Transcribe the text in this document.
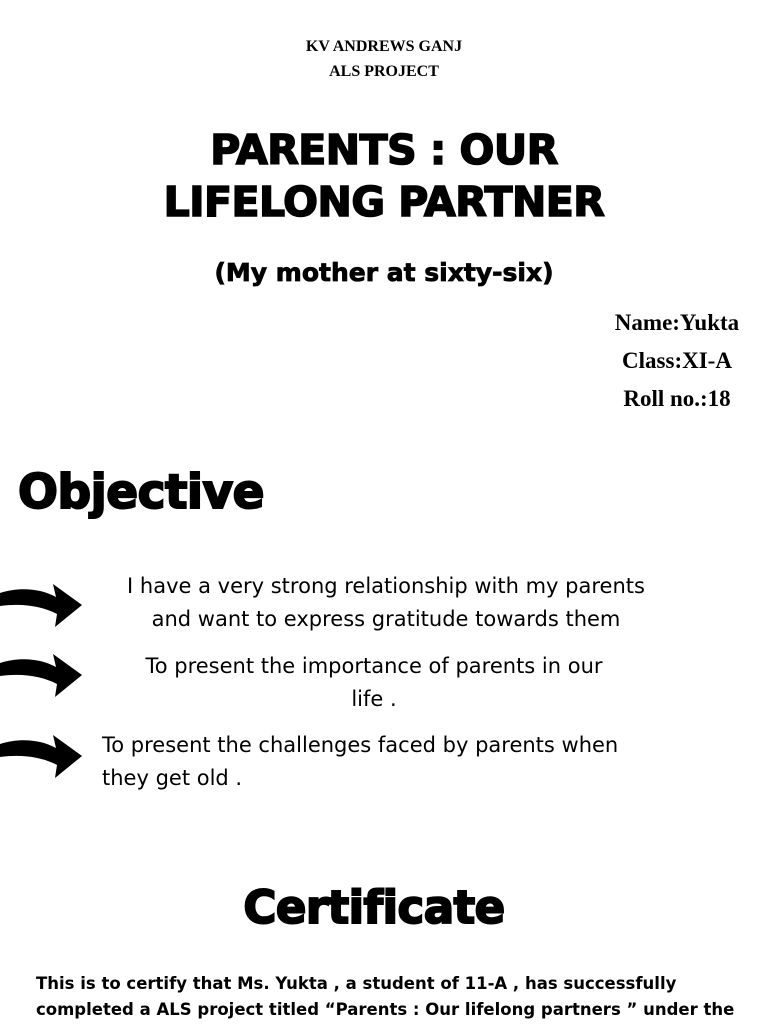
KV ANDREWS GANJ
ALS PROJECT
PARENTS : OUR
LIFELONG PARTNER
(My mother at sixty-six)
Name:Yukta
Class:XI-A
Roll no.:18
Objective
I have a very strong relationship with my parents
and want to express gratitude towards them
To present the importance of parents in our
life .
To present the challenges faced by parents when
they get old .
Certificate
This is to certify that Ms. Yukta , a student of 11-A , has successfully
completed a ALS project titled “Parents : Our lifelong partners ” under the
